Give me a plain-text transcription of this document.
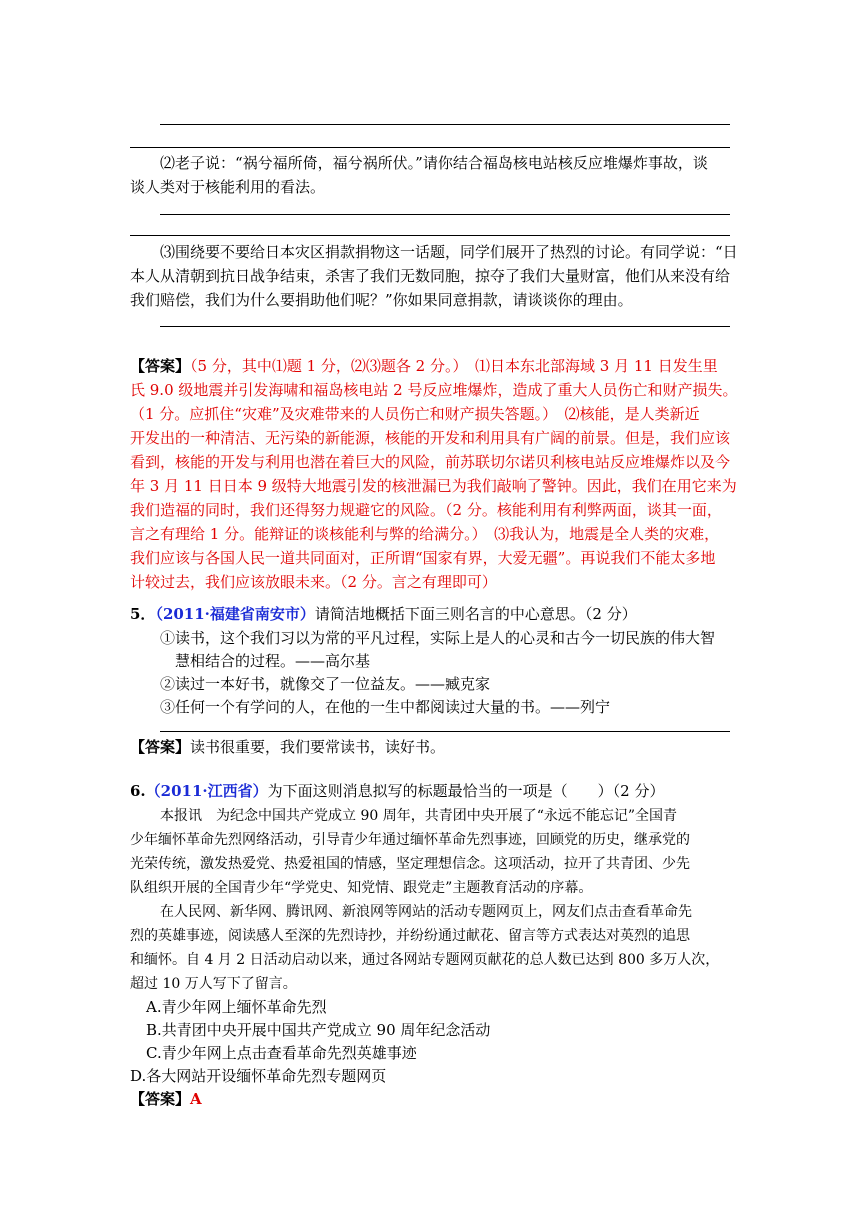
⑵老子说：“祸兮福所倚，福兮祸所伏。”请你结合福岛核电站核反应堆爆炸事故，谈
谈人类对于核能利用的看法。
⑶围绕要不要给日本灾区捐款捐物这一话题，同学们展开了热烈的讨论。有同学说：“日
本人从清朝到抗日战争结束，杀害了我们无数同胞，掠夺了我们大量财富，他们从来没有给
我们赔偿，我们为什么要捐助他们呢？”你如果同意捐款，请谈谈你的理由。
【答案】（5 分，其中⑴题 1 分，⑵⑶题各 2 分。）　⑴日本东北部海域 3 月 11 日发生里
氏 9.0 级地震并引发海啸和福岛核电站 2 号反应堆爆炸，造成了重大人员伤亡和财产损失。
（1 分。应抓住“灾难”及灾难带来的人员伤亡和财产损失答题。）　⑵核能，是人类新近
开发出的一种清洁、无污染的新能源，核能的开发和利用具有广阔的前景。但是，我们应该
看到，核能的开发与利用也潜在着巨大的风险，前苏联切尔诺贝利核电站反应堆爆炸以及今
年 3 月 11 日日本 9 级特大地震引发的核泄漏已为我们敲响了警钟。因此，我们在用它来为
我们造福的同时，我们还得努力规避它的风险。（2 分。核能利用有利弊两面，谈其一面，
言之有理给 1 分。能辩证的谈核能利与弊的给满分。）　⑶我认为，地震是全人类的灾难，
我们应该与各国人民一道共同面对，正所谓“国家有界，大爱无疆”。再说我们不能太多地
计较过去，我们应该放眼未来。（2 分。言之有理即可）
5．（2011·福建省南安市）请简洁地概括下面三则名言的中心意思。（2 分）
①读书，这个我们习以为常的平凡过程，实际上是人的心灵和古今一切民族的伟大智
慧相结合的过程。——高尔基
②读过一本好书，就像交了一位益友。——臧克家
③任何一个有学问的人，在他的一生中都阅读过大量的书。——列宁
【答案】读书很重要，我们要常读书，读好书。
6.（2011·江西省）为下面这则消息拟写的标题最恰当的一项是（　　）（2 分）
本报讯　为纪念中国共产党成立 90 周年，共青团中央开展了“永远不能忘记”全国青
少年缅怀革命先烈网络活动，引导青少年通过缅怀革命先烈事迹，回顾党的历史，继承党的
光荣传统，激发热爱党、热爱祖国的情感，坚定理想信念。这项活动，拉开了共青团、少先
队组织开展的全国青少年“学党史、知党情、跟党走”主题教育活动的序幕。
在人民网、新华网、腾讯网、新浪网等网站的活动专题网页上，网友们点击查看革命先
烈的英雄事迹，阅读感人至深的先烈诗抄，并纷纷通过献花、留言等方式表达对英烈的追思
和缅怀。自 4 月 2 日活动启动以来，通过各网站专题网页献花的总人数已达到 800 多万人次，
超过 10 万人写下了留言。
A.青少年网上缅怀革命先烈
B.共青团中央开展中国共产党成立 90 周年纪念活动
C.青少年网上点击查看革命先烈英雄事迹
D.各大网站开设缅怀革命先烈专题网页
【答案】A
